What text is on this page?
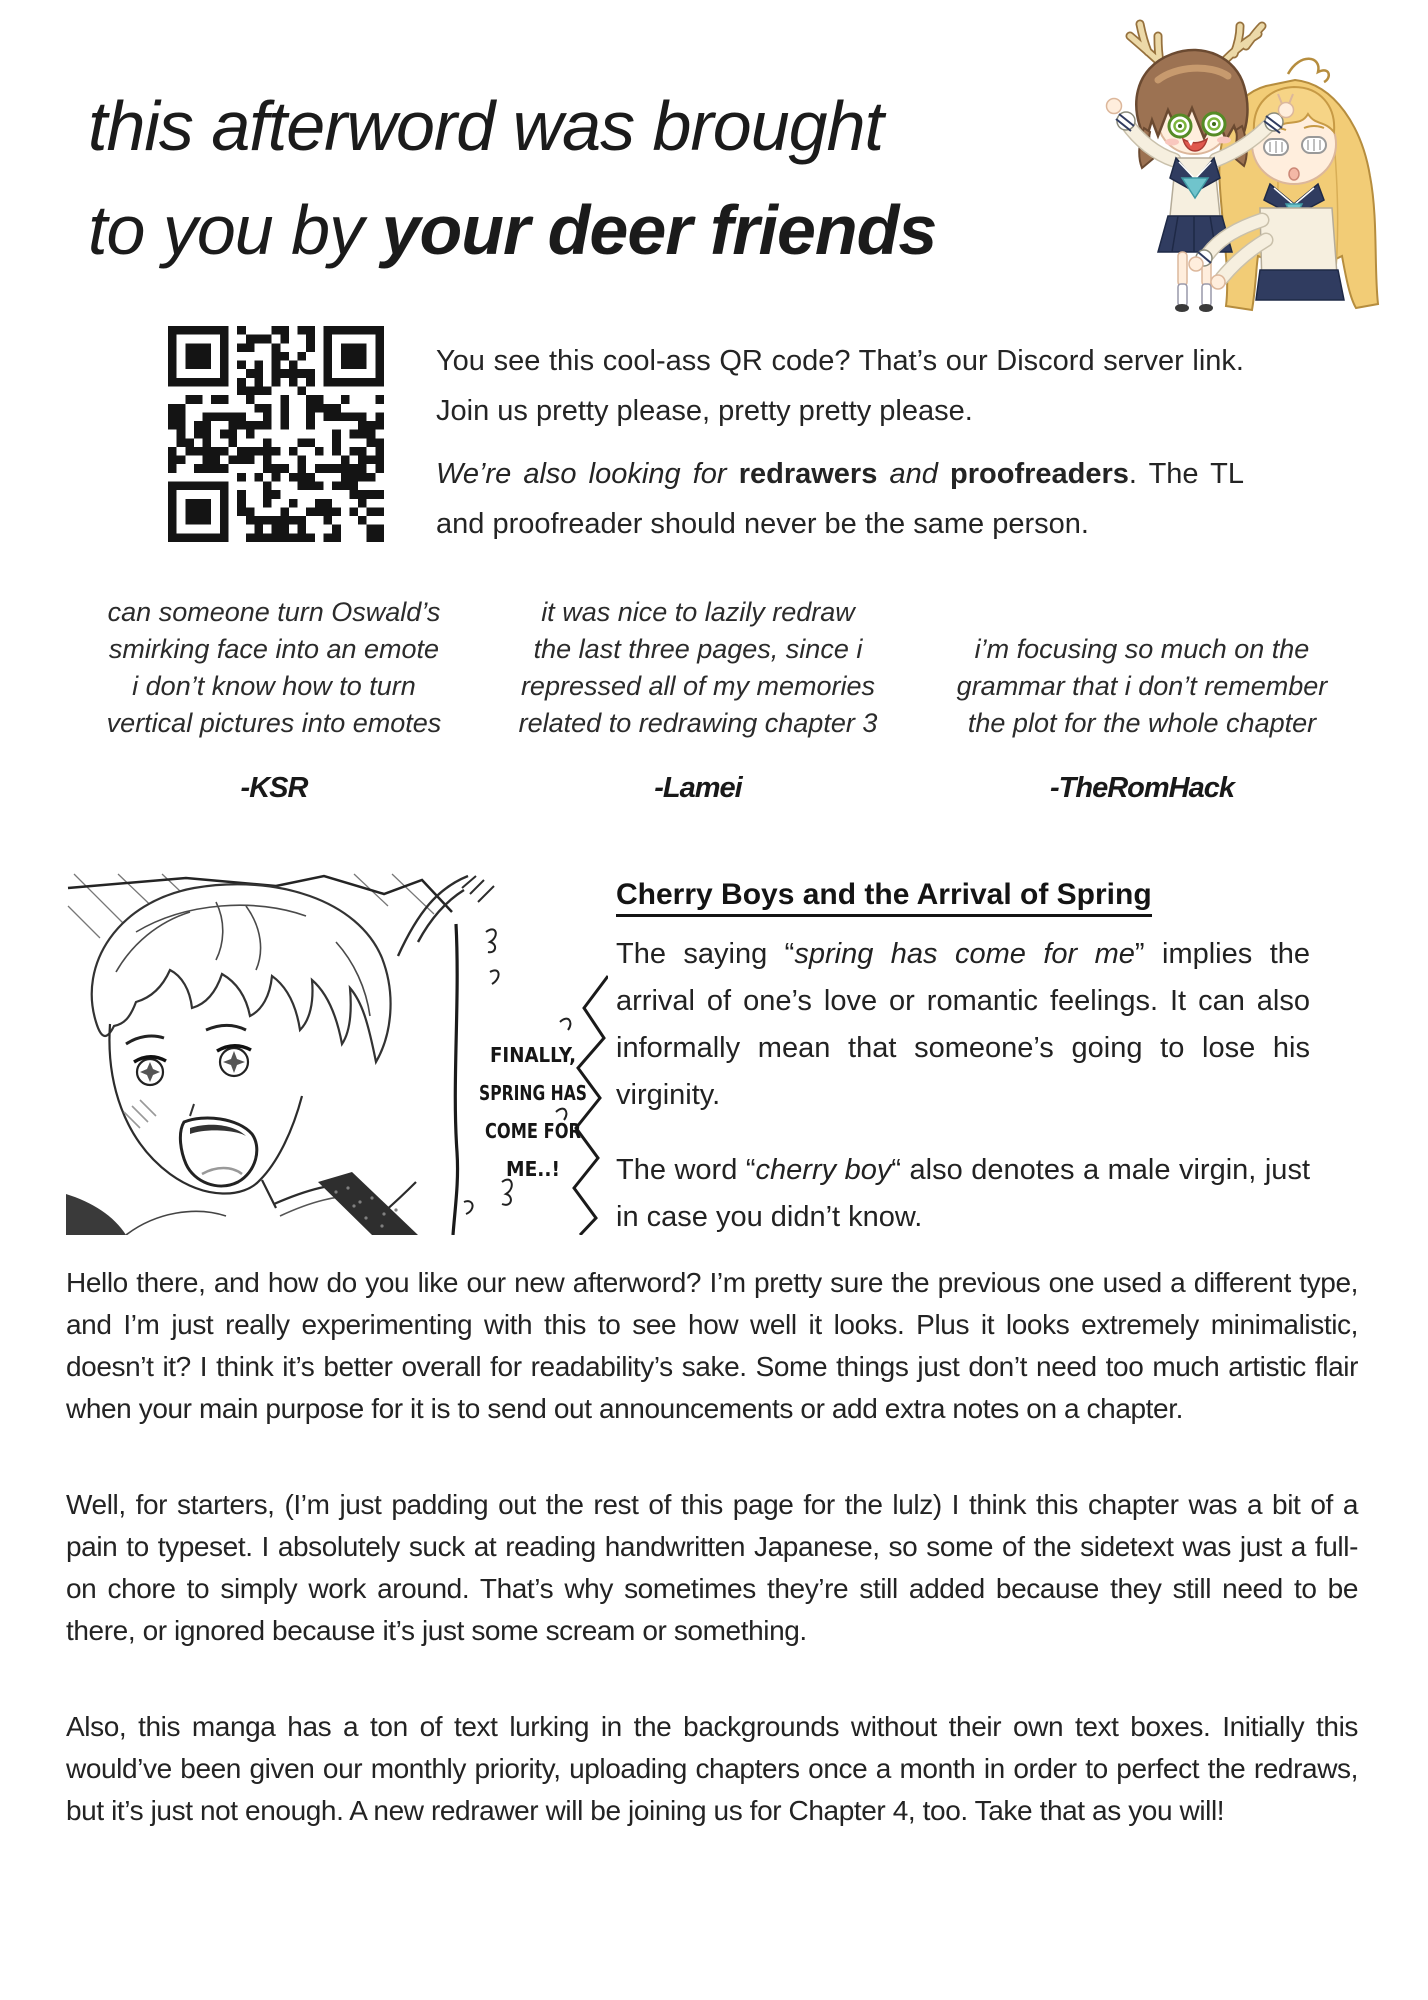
this afterword was brought
to you by your deer friends

You see this cool-ass QR code? That’s our Discord server link. Join us pretty please, pretty pretty please.

We’re also looking for redrawers and proofreaders. The TL and proofreader should never be the same person.

can someone turn Oswald’s
smirking face into an emote
i don’t know how to turn
vertical pictures into emotes
it was nice to lazily redraw
the last three pages, since i
repressed all of my memories
related to redrawing chapter 3
i’m focusing so much on the
grammar that i don’t remember
the plot for the whole chapter
-KSR	-Lamei	-TheRomHack
FINALLY,
SPRING HAS
COME FOR
ME..!
Cherry Boys and the Arrival of Spring

The saying “spring has come for me” implies the arrival of one’s love or romantic feelings. It can also informally mean that someone’s going to lose his virginity.

The word “cherry boy“ also denotes a male virgin, just in case you didn’t know.

Hello there, and how do you like our new afterword? I’m pretty sure the previous one used a different type, and I’m just really experimenting with this to see how well it looks. Plus it looks extremely minimalistic, doesn’t it? I think it’s better overall for readability’s sake. Some things just don’t need too much artistic flair when your main purpose for it is to send out announcements or add extra notes on a chapter.

Well, for starters, (I’m just padding out the rest of this page for the lulz) I think this chapter was a bit of a pain to typeset. I absolutely suck at reading handwritten Japanese, so some of the sidetext was just a full-on chore to simply work around. That’s why sometimes they’re still added because they still need to be there, or ignored because it’s just some scream or something.

Also, this manga has a ton of text lurking in the backgrounds without their own text boxes. Initially this would’ve been given our monthly priority, uploading chapters once a month in order to perfect the redraws, but it’s just not enough. A new redrawer will be joining us for Chapter 4, too. Take that as you will!
